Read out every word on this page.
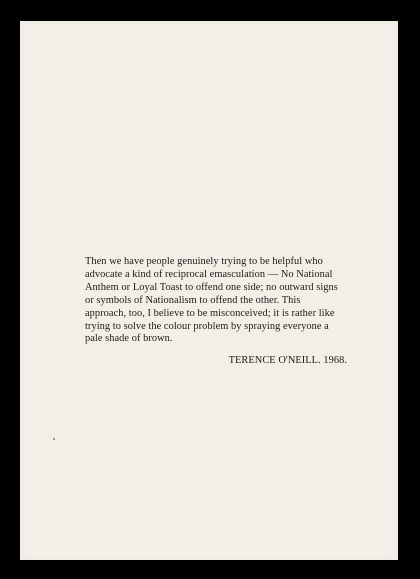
Then we have people genuinely trying to be helpful who
advocate a kind of reciprocal emasculation — No National
Anthem or Loyal Toast to offend one side; no outward signs
or symbols of Nationalism to offend the other. This
approach, too, I believe to be misconceived; it is rather like
trying to solve the colour problem by spraying everyone a
pale shade of brown.
TERENCE O'NEILL. 1968.
